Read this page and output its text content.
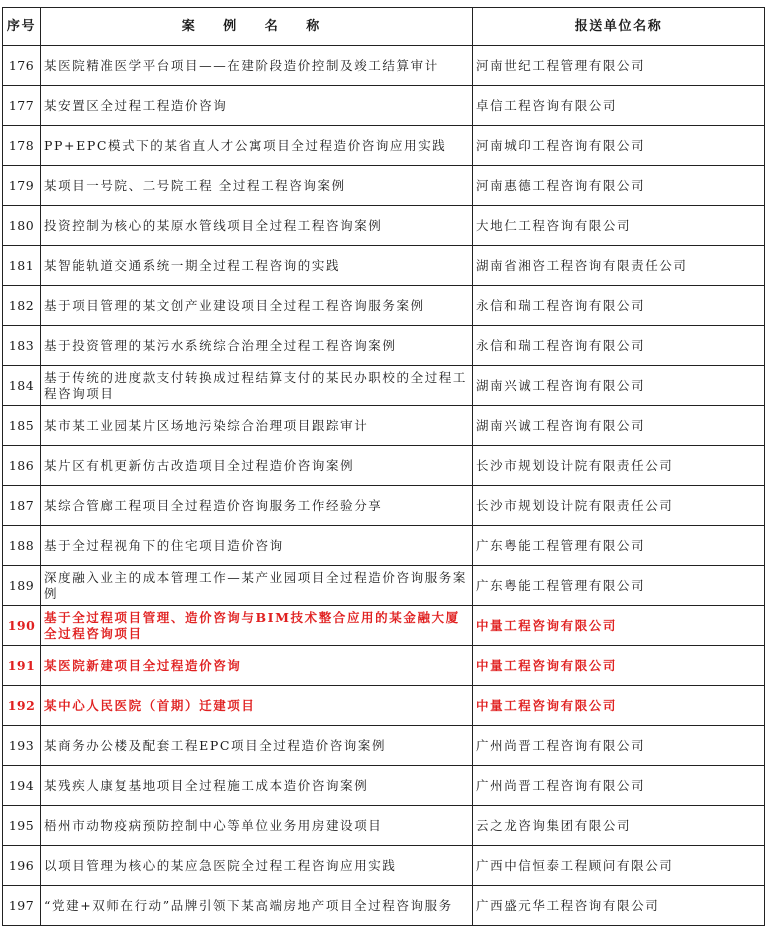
序号	案 例 名 称	报送单位名称
176	某医院精准医学平台项目——在建阶段造价控制及竣工结算审计	河南世纪工程管理有限公司
177	某安置区全过程工程造价咨询	卓信工程咨询有限公司
178	PP+EPC模式下的某省直人才公寓项目全过程造价咨询应用实践	河南城印工程咨询有限公司
179	某项目一号院、二号院工程 全过程工程咨询案例	河南惠德工程咨询有限公司
180	投资控制为核心的某原水管线项目全过程工程咨询案例	大地仁工程咨询有限公司
181	某智能轨道交通系统一期全过程工程咨询的实践	湖南省湘咨工程咨询有限责任公司
182	基于项目管理的某文创产业建设项目全过程工程咨询服务案例	永信和瑞工程咨询有限公司
183	基于投资管理的某污水系统综合治理全过程工程咨询案例	永信和瑞工程咨询有限公司
184	基于传统的进度款支付转换成过程结算支付的某民办职校的全过程工程咨询项目	湖南兴诚工程咨询有限公司
185	某市某工业园某片区场地污染综合治理项目跟踪审计	湖南兴诚工程咨询有限公司
186	某片区有机更新仿古改造项目全过程造价咨询案例	长沙市规划设计院有限责任公司
187	某综合管廊工程项目全过程造价咨询服务工作经验分享	长沙市规划设计院有限责任公司
188	基于全过程视角下的住宅项目造价咨询	广东粤能工程管理有限公司
189	深度融入业主的成本管理工作—某产业园项目全过程造价咨询服务案例	广东粤能工程管理有限公司
190	基于全过程项目管理、造价咨询与BIM技术整合应用的某金融大厦全过程咨询项目	中量工程咨询有限公司
191	某医院新建项目全过程造价咨询	中量工程咨询有限公司
192	某中心人民医院（首期）迁建项目	中量工程咨询有限公司
193	某商务办公楼及配套工程EPC项目全过程造价咨询案例	广州尚晋工程咨询有限公司
194	某残疾人康复基地项目全过程施工成本造价咨询案例	广州尚晋工程咨询有限公司
195	梧州市动物疫病预防控制中心等单位业务用房建设项目	云之龙咨询集团有限公司
196	以项目管理为核心的某应急医院全过程工程咨询应用实践	广西中信恒泰工程顾问有限公司
197	“党建+双师在行动”品牌引领下某高端房地产项目全过程咨询服务	广西盛元华工程咨询有限公司
